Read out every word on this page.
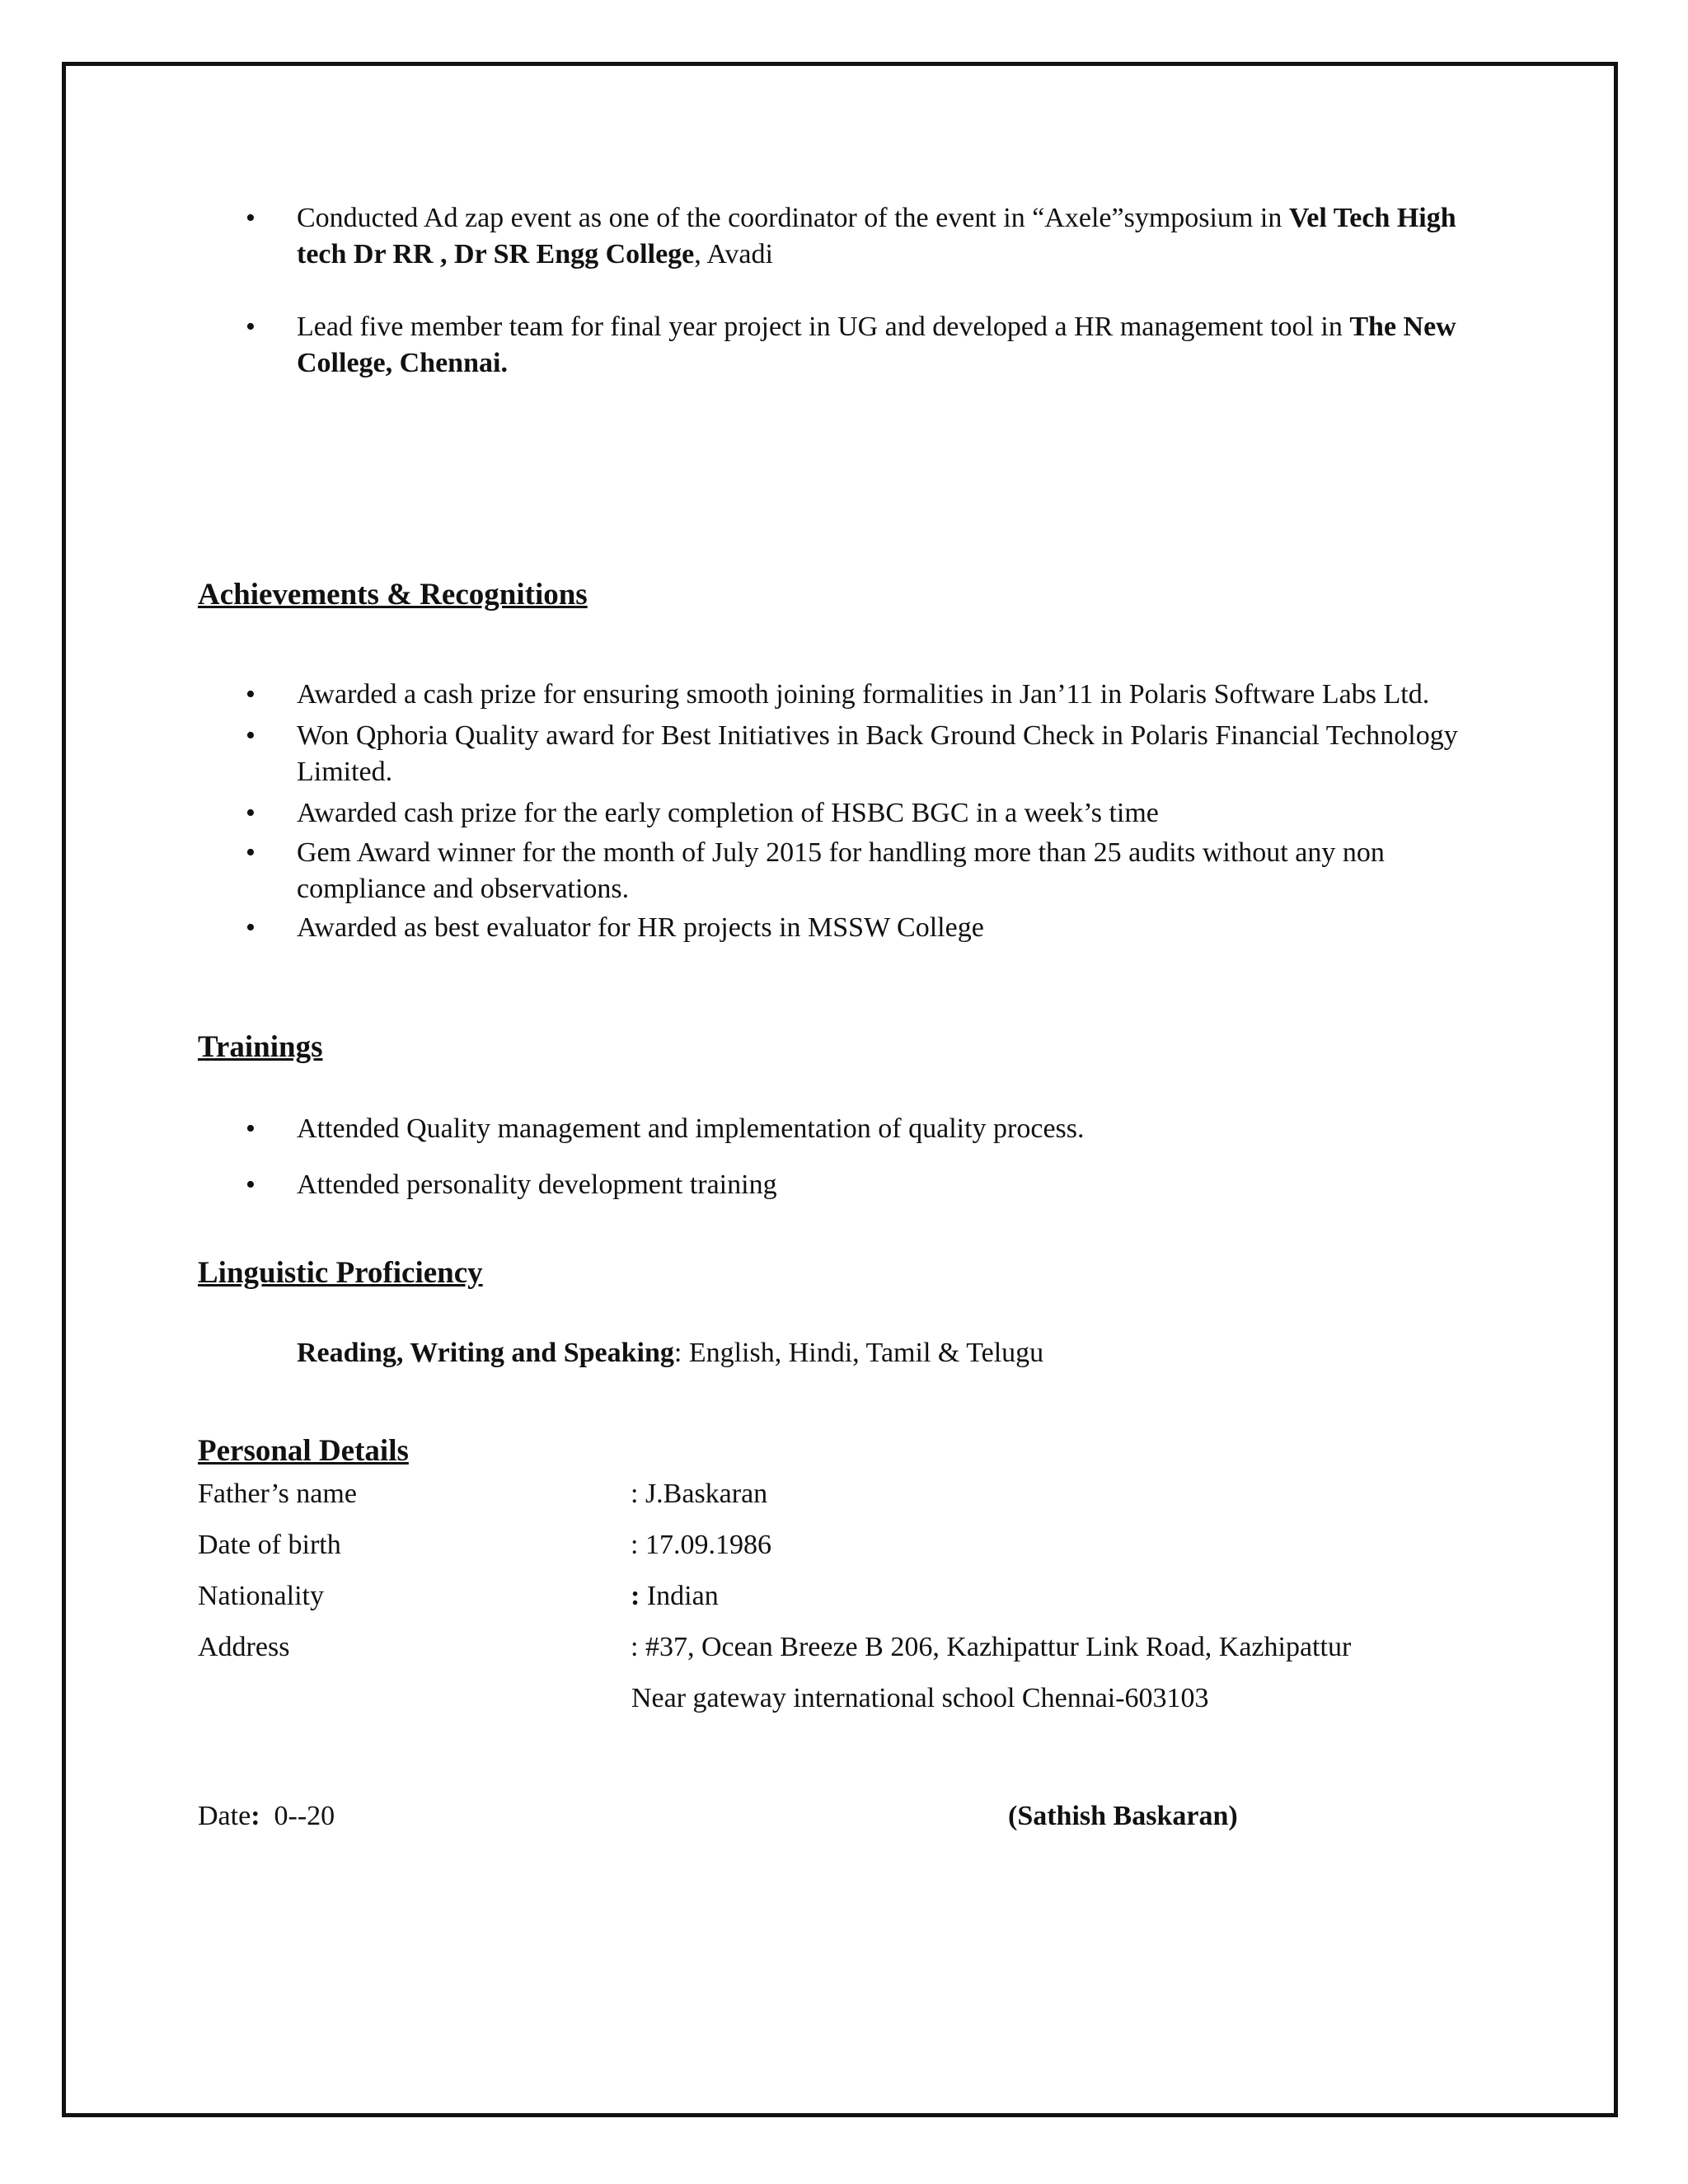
• Conducted Ad zap event as one of the coordinator of the event in “Axele”symposium in Vel Tech High tech Dr RR , Dr SR Engg College, Avadi
• Lead five member team for final year project in UG and developed a HR management tool in The New College, Chennai.
Achievements & Recognitions
• Awarded a cash prize for ensuring smooth joining formalities in Jan’11 in Polaris Software Labs Ltd.
• Won Qphoria Quality award for Best Initiatives in Back Ground Check in Polaris Financial Technology Limited.
• Awarded cash prize for the early completion of HSBC BGC in a week’s time
• Gem Award winner for the month of July 2015 for handling more than 25 audits without any non compliance and observations.
• Awarded as best evaluator for HR projects in MSSW College
Trainings
• Attended Quality management and implementation of quality process.
• Attended personality development training
Linguistic Proficiency
Reading, Writing and Speaking: English, Hindi, Tamil & Telugu
Personal Details
Father’s name	: J.Baskaran
Date of birth	: 17.09.1986
Nationality	: Indian
Address	: #37, Ocean Breeze B 206, Kazhipattur Link Road, Kazhipattur
Near gateway international school Chennai-603103
Date:  0--20	(Sathish Baskaran)
